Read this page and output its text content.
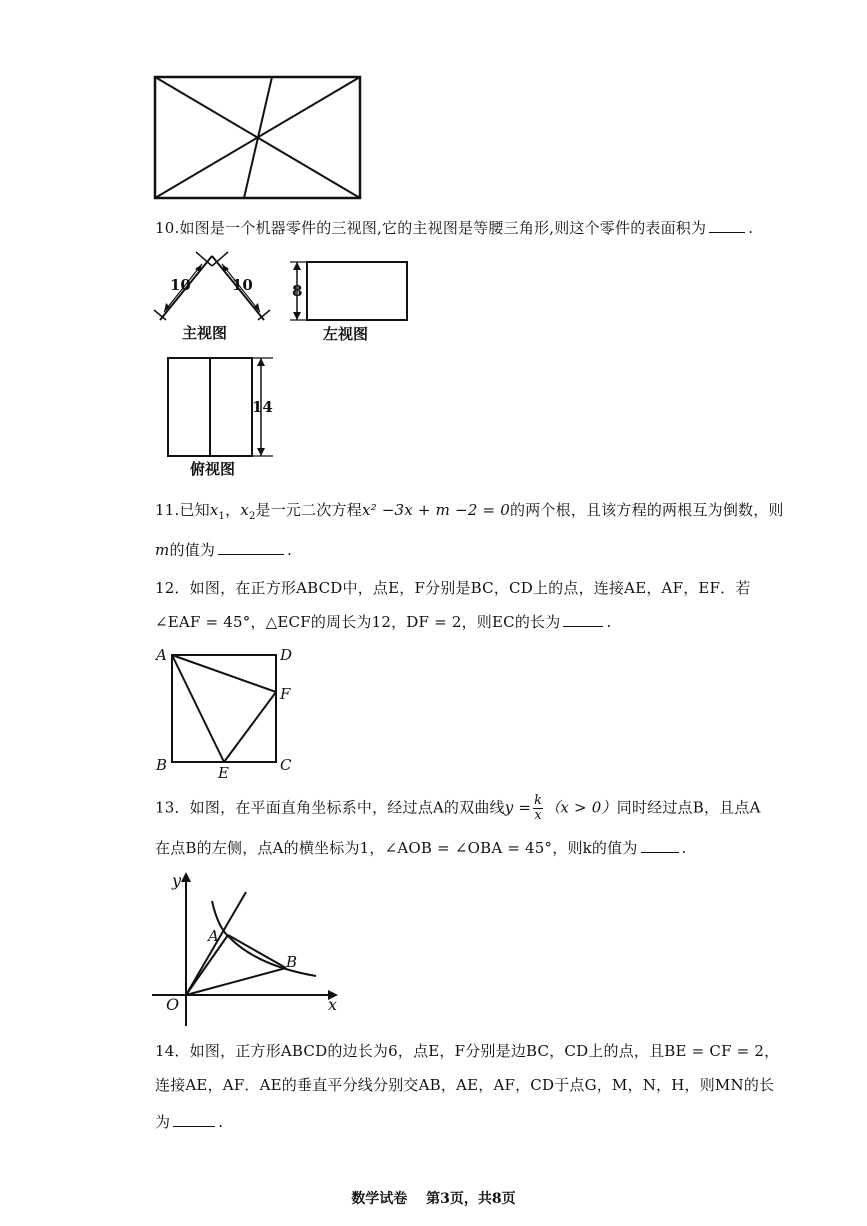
10.如图是一个机器零件的三视图,它的主视图是等腰三角形,则这个零件的表面积为	.
10	10
主视图
8
左视图
14
俯视图
11.已知$x_1$，$x_2$是一元二次方程x² −3x + m −2 = 0的两个根，且该方程的两根互为倒数，则
m的值为	.
12．如图，在正方形ABCD中，点E，F分别是BC，CD上的点，连接AE，AF，EF．若
∠EAF = 45°，△ECF的周长为12，DF = 2，则EC的长为	.
A	D
F
B	C
E
13．如图，在平面直角坐标系中，经过点A的双曲线$y = \frac{k}{x} (x > 0)$同时经过点B，且点A
在点B的左侧，点A的横坐标为1，∠AOB = ∠OBA = 45°，则k的值为	.
y
x
O
A
B
14．如图，正方形ABCD的边长为6，点E，F分别是边BC，CD上的点，且BE = CF = 2，
连接AE，AF．AE的垂直平分线分别交AB，AE，AF，CD于点G，M，N，H，则MN的长
为	.
数学试卷　 第3页，共8页
